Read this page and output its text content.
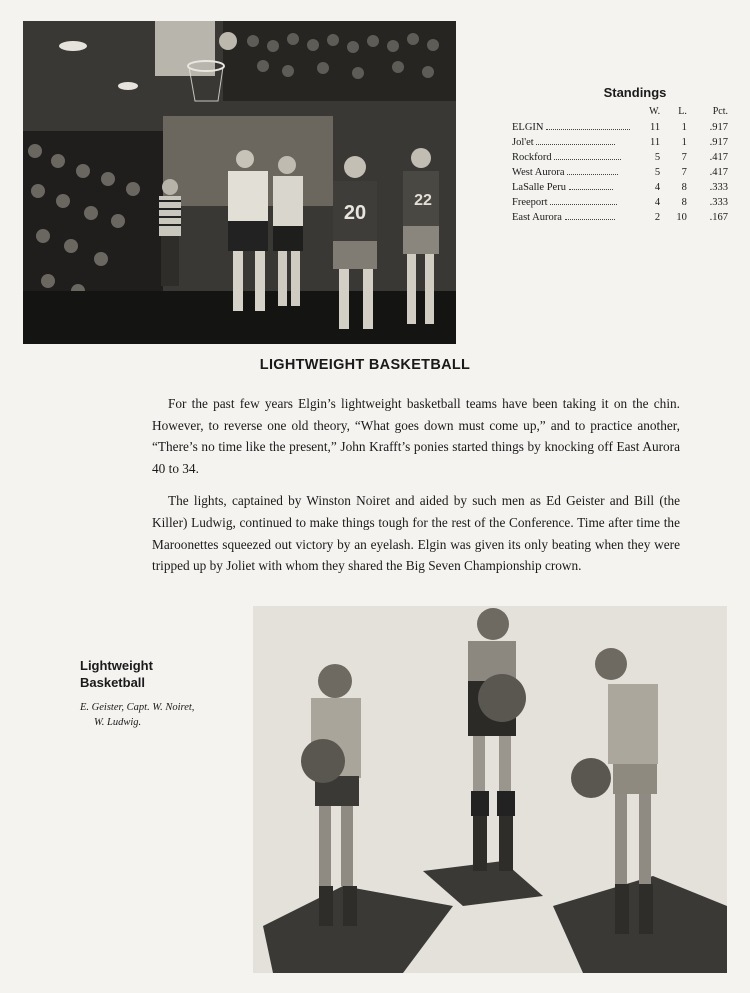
20
22
Standings
	W.	L.	Pct.
ELGIN	11	1	.917
Jol'et	11	1	.917
Rockford	5	7	.417
West Aurora	5	7	.417
LaSalle Peru	4	8	.333
Freeport	4	8	.333
East Aurora	2	10	.167
LIGHTWEIGHT BASKETBALL

For the past few years Elgin’s lightweight basketball teams have been taking it on the chin. However, to reverse one old theory, “What goes down must come up,” and to practice another, “There’s no time like the present,” John Krafft’s ponies started things by knocking off East Aurora 40 to 34.

The lights, captained by Winston Noiret and aided by such men as Ed Geister and Bill (the Killer) Ludwig, continued to make things tough for the rest of the Conference. Time after time the Maroonettes squeezed out victory by an eyelash. Elgin was given its only beating when they were tripped up by Joliet with whom they shared the Big Seven Championship crown.

Lightweight
Basketball
E. Geister, Capt. W. Noiret,
W. Ludwig.
